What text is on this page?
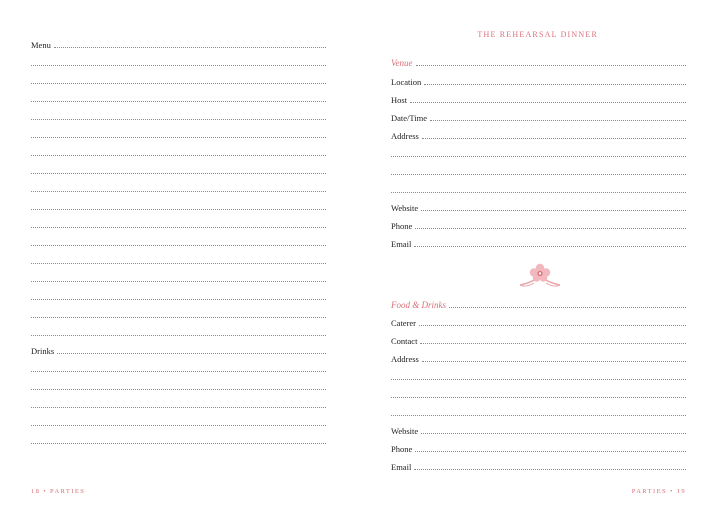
Menu
Drinks
18 • PARTIES
THE REHEARSAL DINNER
Venue
Location
Host
Date/Time
Address
Website
Phone
Email
Food & Drinks
Caterer
Contact
Address
Website
Phone
Email
PARTIES • 19
